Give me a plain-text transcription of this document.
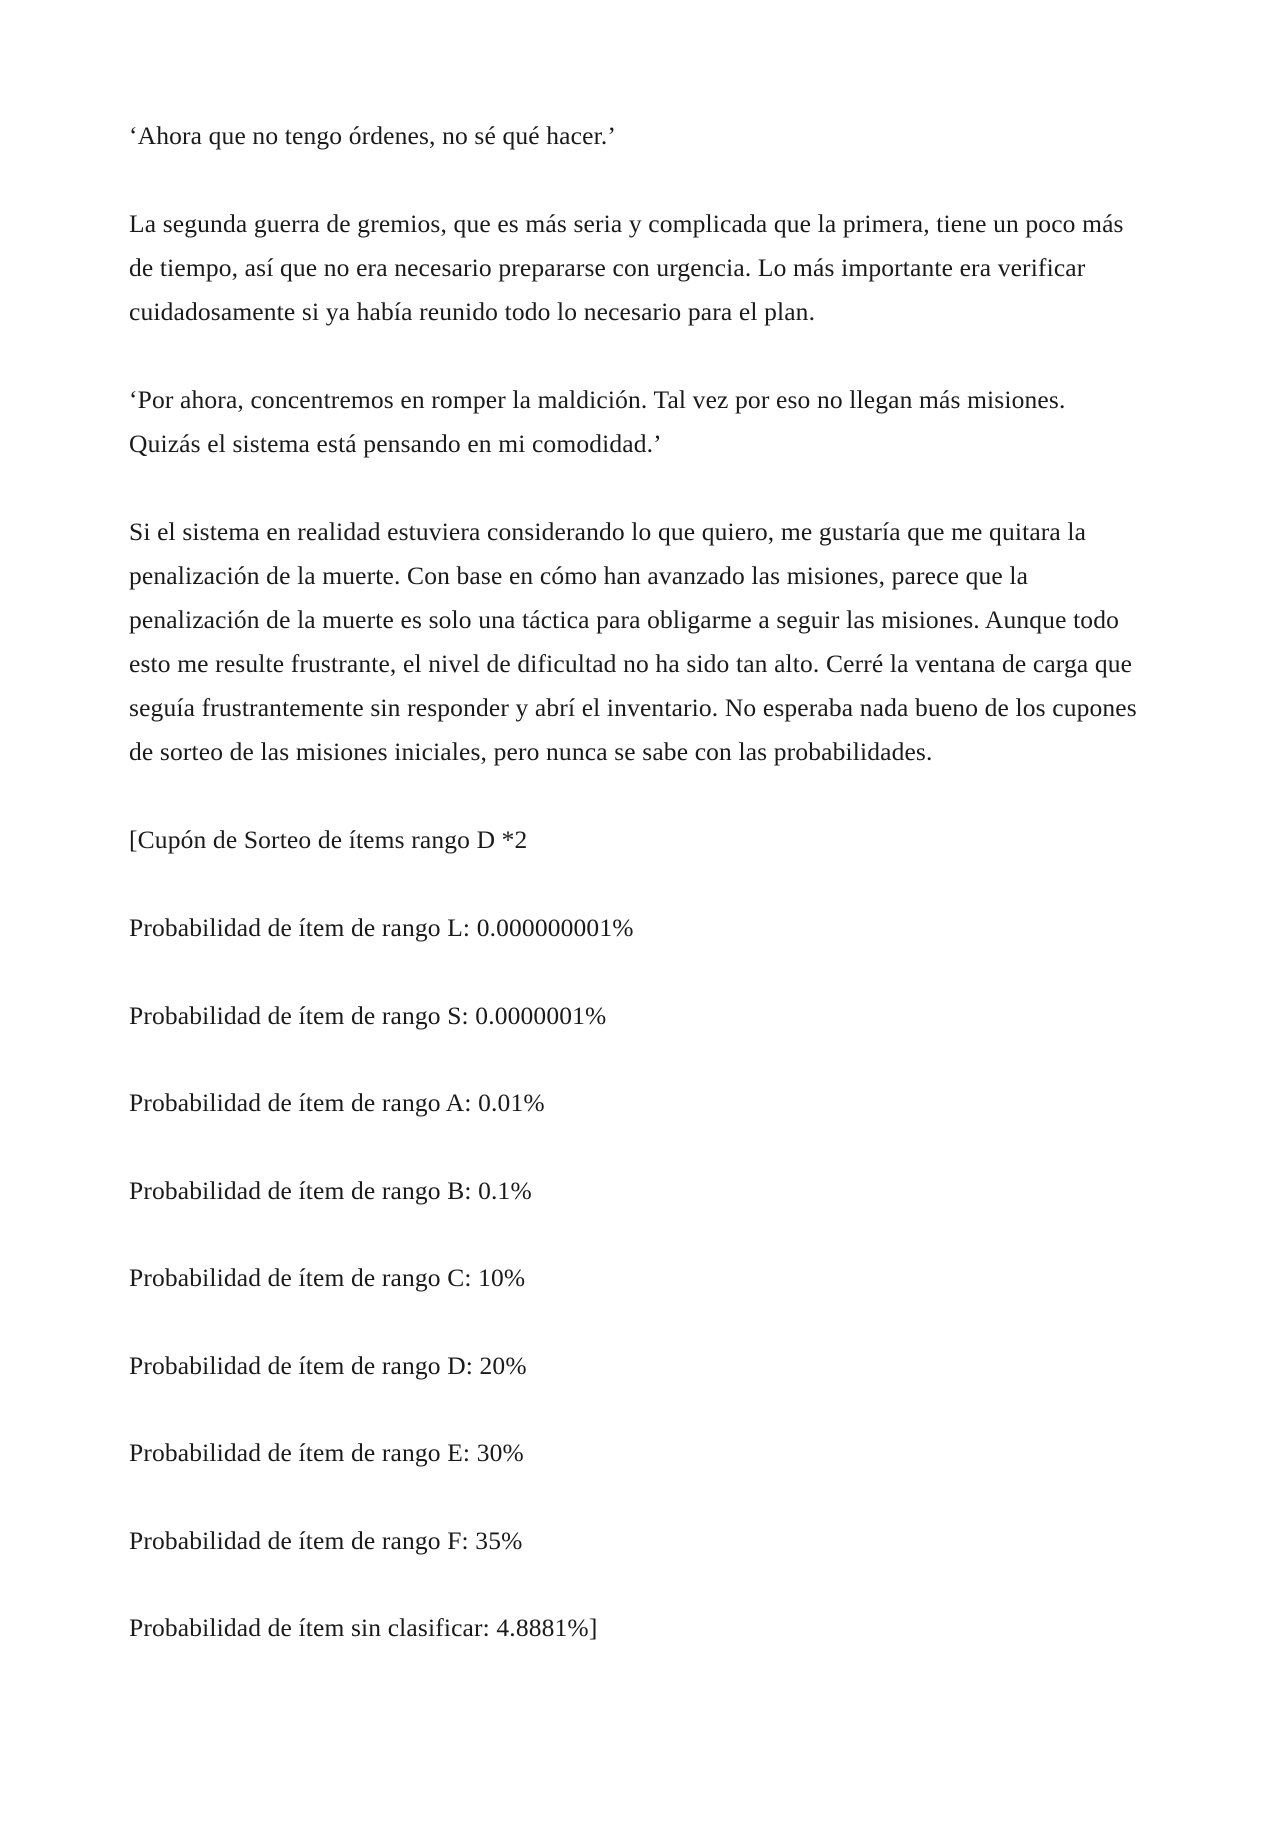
‘Ahora que no tengo órdenes, no sé qué hacer.’

La segunda guerra de gremios, que es más seria y complicada que la primera, tiene un poco más de tiempo, así que no era necesario prepararse con urgencia. Lo más importante era verificar cuidadosamente si ya había reunido todo lo necesario para el plan.

‘Por ahora, concentremos en romper la maldición. Tal vez por eso no llegan más misiones. Quizás el sistema está pensando en mi comodidad.’

Si el sistema en realidad estuviera considerando lo que quiero, me gustaría que me quitara la penalización de la muerte. Con base en cómo han avanzado las misiones, parece que la penalización de la muerte es solo una táctica para obligarme a seguir las misiones. Aunque todo esto me resulte frustrante, el nivel de dificultad no ha sido tan alto. Cerré la ventana de carga que seguía frustrantemente sin responder y abrí el inventario. No esperaba nada bueno de los cupones de sorteo de las misiones iniciales, pero nunca se sabe con las probabilidades.

[Cupón de Sorteo de ítems rango D *2

Probabilidad de ítem de rango L: 0.000000001%

Probabilidad de ítem de rango S: 0.0000001%

Probabilidad de ítem de rango A: 0.01%

Probabilidad de ítem de rango B: 0.1%

Probabilidad de ítem de rango C: 10%

Probabilidad de ítem de rango D: 20%

Probabilidad de ítem de rango E: 30%

Probabilidad de ítem de rango F: 35%

Probabilidad de ítem sin clasificar: 4.8881%]
